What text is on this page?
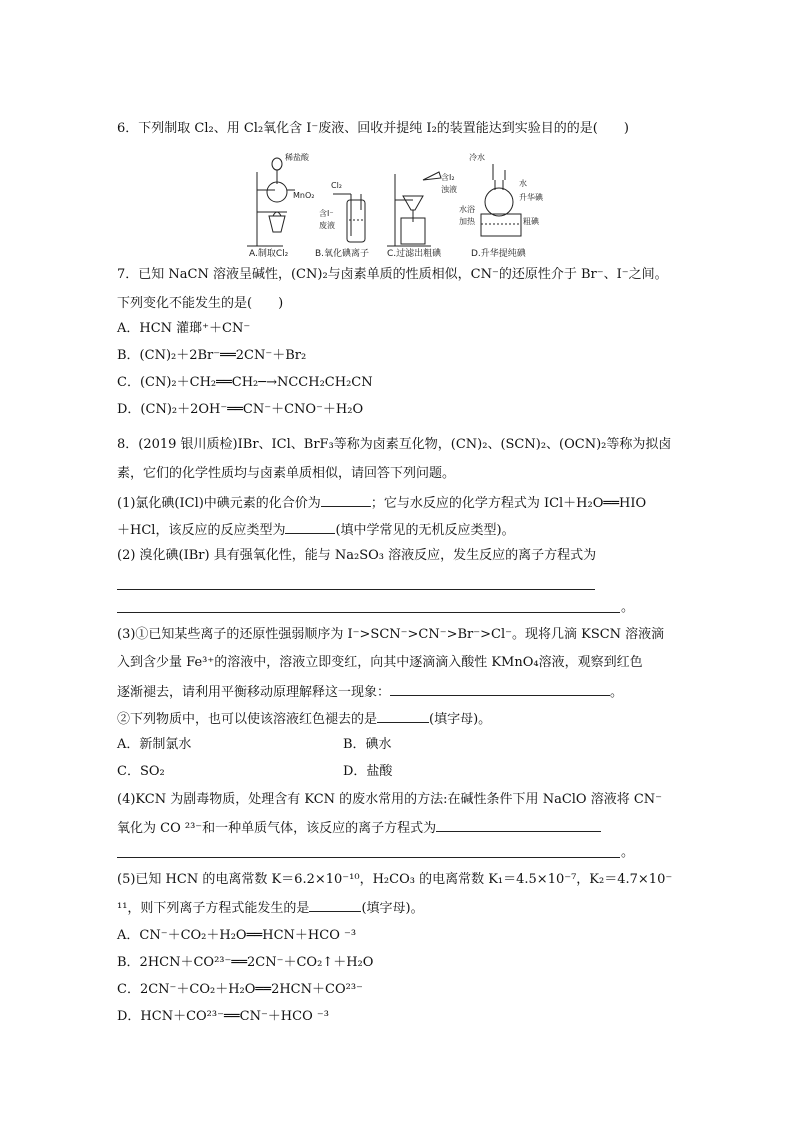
6．下列制取 Cl₂、用 Cl₂氧化含 I⁻废液、回收并提纯 I₂的装置能达到实验目的的是(　　)
稀盐酸
MnO₂
Cl₂
含I⁻
废液
含I₂
浊液
冷水
水
升华碘
水浴
加热	粗碘
A.制取Cl₂	B.氧化碘离子 C.过滤出粗碘	D.升华提纯碘
7．已知 NaCN 溶液呈碱性，(CN)₂与卤素单质的性质相似，CN⁻的还原性介于 Br⁻、I⁻之间。
下列变化不能发生的是(　　)
A．HCN 灌瑯⁺＋CN⁻
B．(CN)₂＋2Br⁻══2CN⁻＋Br₂
C．(CN)₂＋CH₂══CH₂─→NCCH₂CH₂CN
D．(CN)₂＋2OH⁻══CN⁻＋CNO⁻＋H₂O
8．(2019 银川质检)IBr、ICl、BrF₃等称为卤素互化物，(CN)₂、(SCN)₂、(OCN)₂等称为拟卤
素，它们的化学性质均与卤素单质相似，请回答下列问题。
(1)氯化碘(ICl)中碘元素的化合价为	；它与水反应的化学方程式为 ICl＋H₂O══HIO
＋HCl，该反应的反应类型为	(填中学常见的无机反应类型)。
(2) 溴化碘(IBr) 具有强氧化性，能与 Na₂SO₃ 溶液反应，发生反应的离子方程式为
。
(3)①已知某些离子的还原性强弱顺序为 I⁻>SCN⁻>CN⁻>Br⁻>Cl⁻。现将几滴 KSCN 溶液滴
入到含少量 Fe³⁺的溶液中，溶液立即变红，向其中逐滴滴入酸性 KMnO₄溶液，观察到红色
逐渐褪去，请利用平衡移动原理解释这一现象：	。
②下列物质中，也可以使该溶液红色褪去的是	(填字母)。
A．新制氯水	B．碘水
C．SO₂	D．盐酸
(4)KCN 为剧毒物质，处理含有 KCN 的废水常用的方法:在碱性条件下用 NaClO 溶液将 CN⁻
氧化为 CO ²³⁻和一种单质气体，该反应的离子方程式为
。
(5)已知 HCN 的电离常数 K＝6.2×10⁻¹⁰，H₂CO₃ 的电离常数 K₁＝4.5×10⁻⁷，K₂＝4.7×10⁻
¹¹，则下列离子方程式能发生的是	(填字母)。
A．CN⁻＋CO₂＋H₂O══HCN＋HCO ⁻³
B．2HCN＋CO²³⁻══2CN⁻＋CO₂↑＋H₂O
C．2CN⁻＋CO₂＋H₂O══2HCN＋CO²³⁻
D．HCN＋CO²³⁻══CN⁻＋HCO ⁻³
